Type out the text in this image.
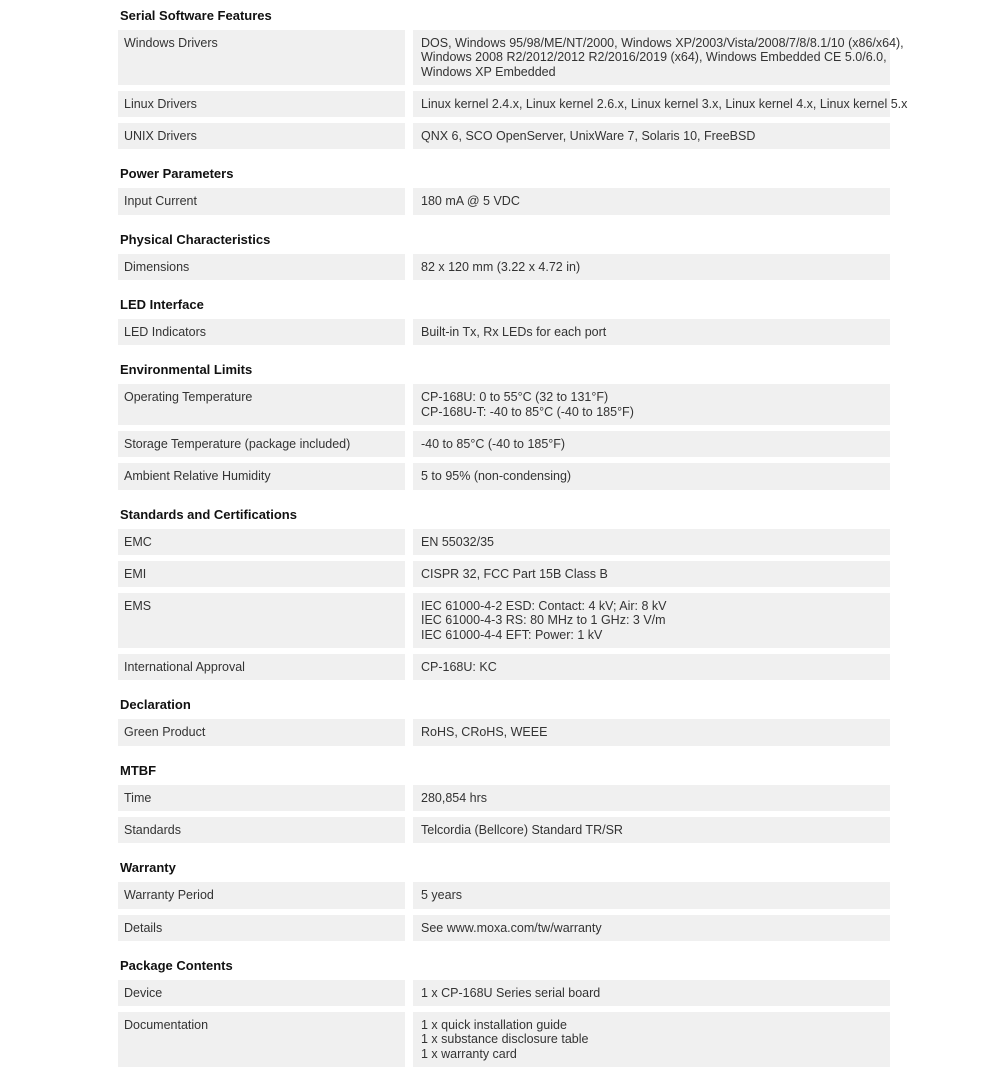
Serial Software Features
Windows Drivers	DOS, Windows 95/98/ME/NT/2000, Windows XP/2003/Vista/2008/7/8/8.1/10 (x86/x64),
Windows 2008 R2/2012/2012 R2/2016/2019 (x64), Windows Embedded CE 5.0/6.0,
Windows XP Embedded
Linux Drivers	Linux kernel 2.4.x, Linux kernel 2.6.x, Linux kernel 3.x, Linux kernel 4.x, Linux kernel 5.x
UNIX Drivers	QNX 6, SCO OpenServer, UnixWare 7, Solaris 10, FreeBSD
Power Parameters
Input Current	180 mA @ 5 VDC
Physical Characteristics
Dimensions	82 x 120 mm (3.22 x 4.72 in)
LED Interface
LED Indicators	Built-in Tx, Rx LEDs for each port
Environmental Limits
Operating Temperature	CP-168U: 0 to 55°C (32 to 131°F)
CP-168U-T: -40 to 85°C (-40 to 185°F)
Storage Temperature (package included)	-40 to 85°C (-40 to 185°F)
Ambient Relative Humidity	5 to 95% (non-condensing)
Standards and Certifications
EMC	EN 55032/35
EMI	CISPR 32, FCC Part 15B Class B
EMS	IEC 61000-4-2 ESD: Contact: 4 kV; Air: 8 kV
IEC 61000-4-3 RS: 80 MHz to 1 GHz: 3 V/m
IEC 61000-4-4 EFT: Power: 1 kV
International Approval	CP-168U: KC
Declaration
Green Product	RoHS, CRoHS, WEEE
MTBF
Time	280,854 hrs
Standards	Telcordia (Bellcore) Standard TR/SR
Warranty
Warranty Period	5 years
Details	See www.moxa.com/tw/warranty
Package Contents
Device	1 x CP-168U Series serial board
Documentation	1 x quick installation guide
1 x substance disclosure table
1 x warranty card
